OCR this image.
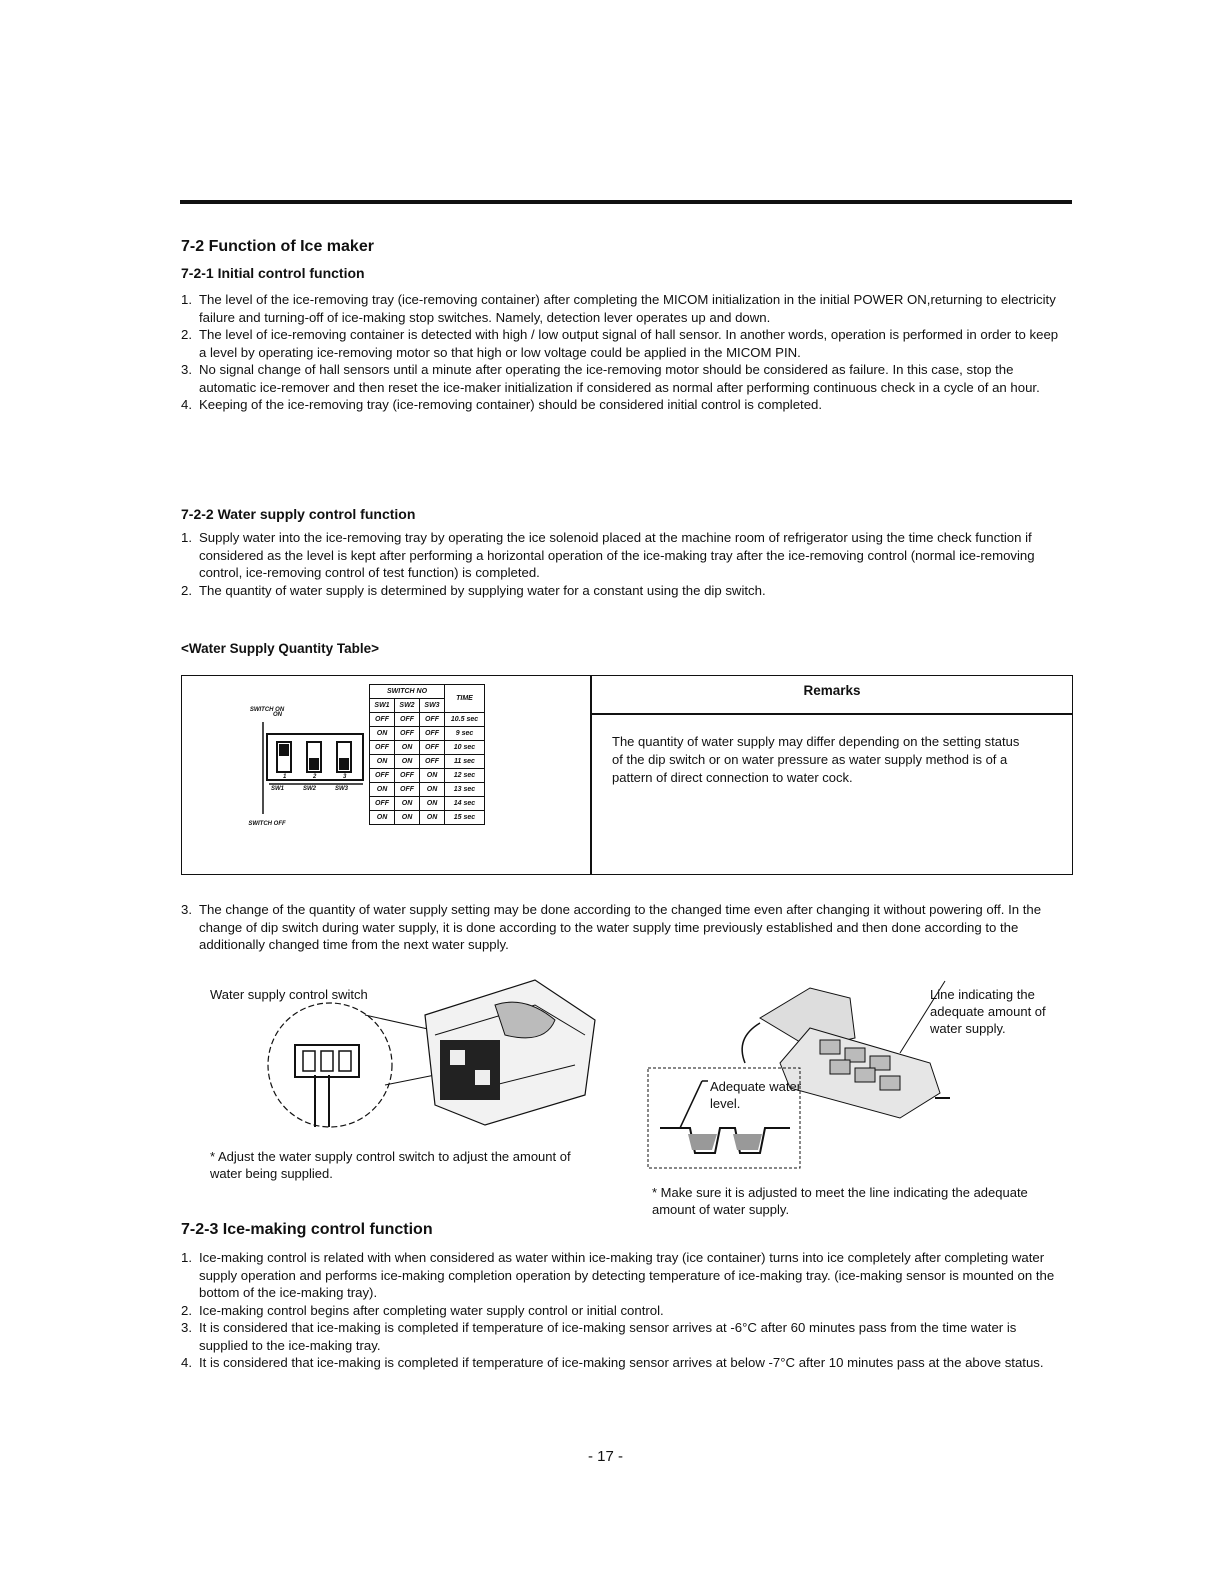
7-2 Function of Ice maker
7-2-1 Initial control function
1. The level of the ice-removing tray (ice-removing container) after completing the MICOM initialization in the initial POWER ON,returning to electricity failure and turning-off of ice-making stop switches. Namely, detection lever operates up and down.
2. The level of ice-removing container is detected with high / low output signal of hall sensor. In another words, operation is performed in order to keep a level by operating ice-removing motor so that high or low voltage could be applied in the MICOM PIN.
3. No signal change of hall sensors until a minute after operating the ice-removing motor should be considered as failure. In this case, stop the automatic ice-remover and then reset the ice-maker initialization if considered as normal after performing continuous check in a cycle of an hour.
4. Keeping of the ice-removing tray (ice-removing container) should be considered initial control is completed.
7-2-2 Water supply control function
1. Supply water into the ice-removing tray by operating the ice solenoid placed at the machine room of refrigerator using the time check function if considered as the level is kept after performing a horizontal operation of the ice-making tray after the ice-removing control (normal ice-removing control, ice-removing control of test function) is completed.
2. The quantity of water supply is determined by supplying water for a constant using the dip switch.
<Water Supply Quantity Table>
SWITCH ON
ON
1	2	3
SW1	SW2	SW3
SWITCH OFF
SWITCH NO			TIME
SW1	SW2	SW3	
OFF	OFF	OFF	10.5 sec
ON	OFF	OFF	9 sec
OFF	ON	OFF	10 sec
ON	ON	OFF	11 sec
OFF	OFF	ON	12 sec
ON	OFF	ON	13 sec
OFF	ON	ON	14 sec
ON	ON	ON	15 sec
Remarks
The quantity of water supply may differ depending on the setting status of the dip switch or on water pressure as water supply method is of a pattern of direct connection to water cock.
3. The change of the quantity of water supply setting may be done according to the changed time even after changing it without powering off. In the change of dip switch during water supply, it is done according to the water supply time previously established and then done according to the additionally changed time from the next water supply.
Water supply control switch
* Adjust the water supply control switch to adjust the amount of water being supplied.
Line indicating the adequate amount of water supply.
Adequate water level.
* Make sure it is adjusted to meet the line indicating the adequate amount of water supply.
7-2-3 Ice-making control function
1. Ice-making control is related with when considered as water within ice-making tray (ice container) turns into ice completely after completing water supply operation and performs ice-making completion operation by detecting temperature of ice-making tray. (ice-making sensor is mounted on the bottom of the ice-making tray).
2. Ice-making control begins after completing water supply control or initial control.
3. It is considered that ice-making is completed if temperature of ice-making sensor arrives at -6°C after 60 minutes pass from the time water is supplied to the ice-making tray.
4. It is considered that ice-making is completed if temperature of ice-making sensor arrives at below -7°C after 10 minutes pass at the above status.
- 17 -
